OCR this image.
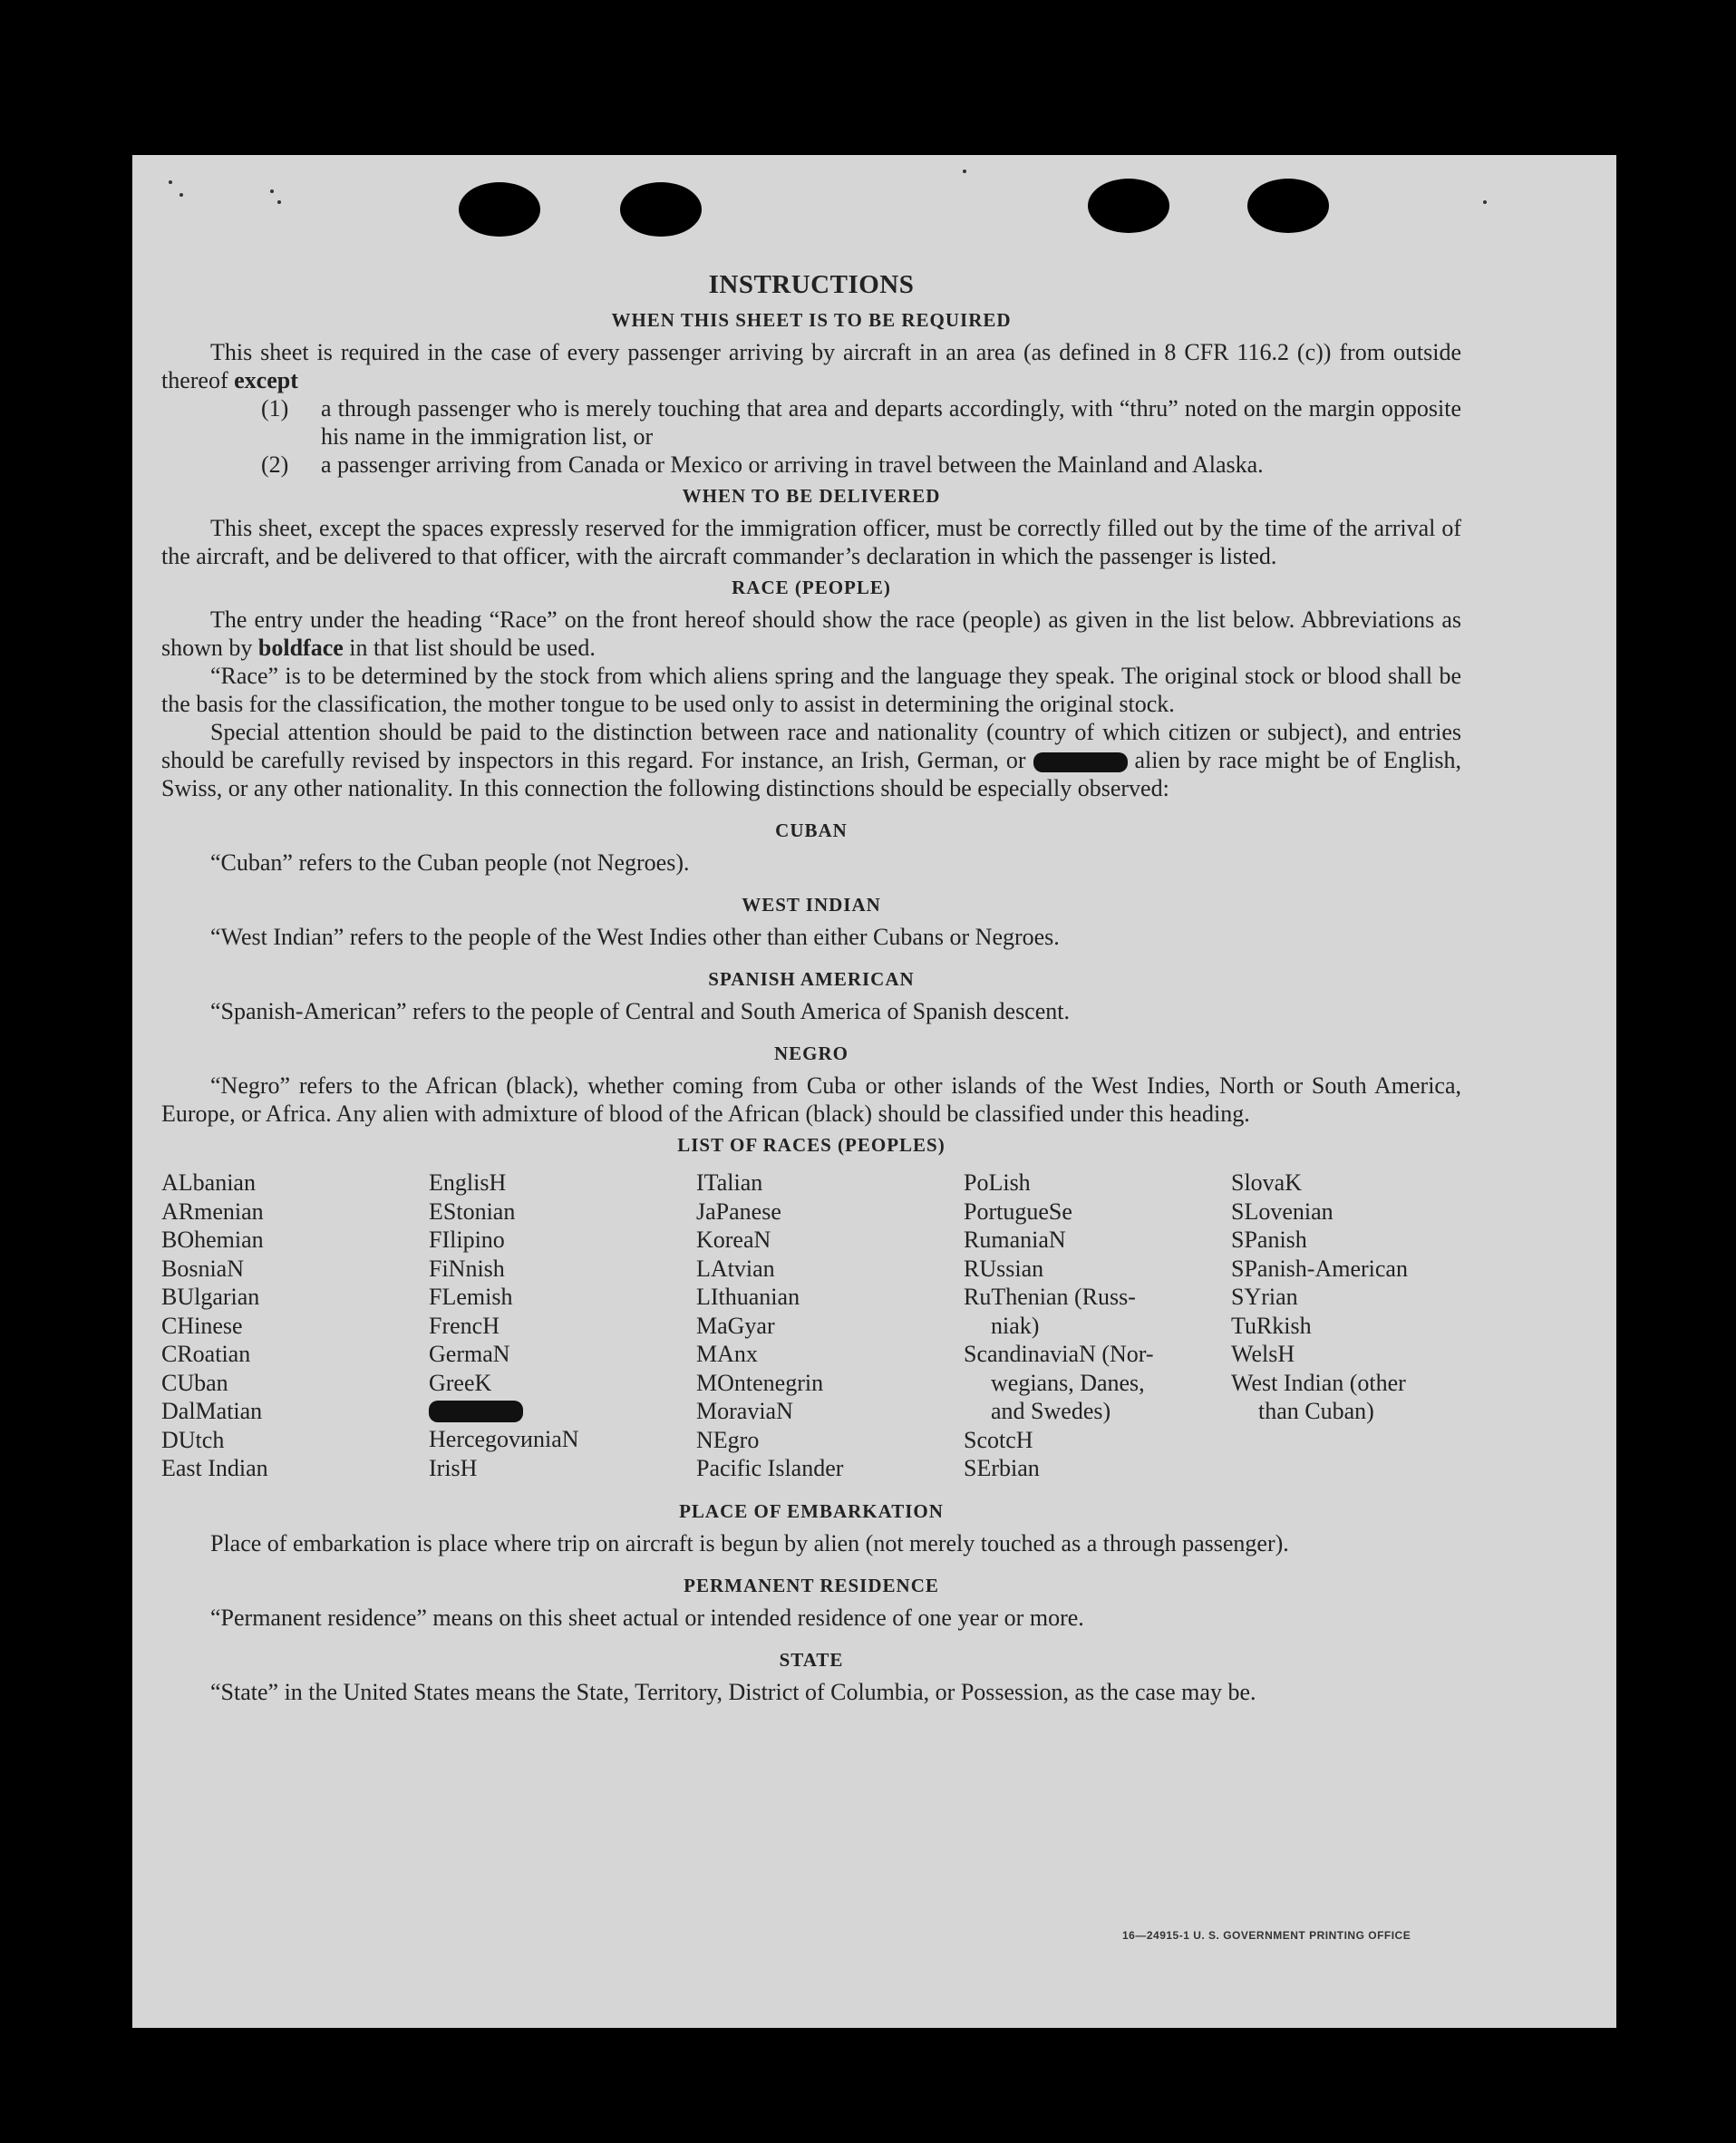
INSTRUCTIONS
WHEN THIS SHEET IS TO BE REQUIRED

This sheet is required in the case of every passenger arriving by aircraft in an area (as defined in 8 CFR 116.2 (c)) from outside thereof except

(1) a through passenger who is merely touching that area and departs accordingly, with “thru” noted on the margin opposite his name in the immigration list, or

(2) a passenger arriving from Canada or Mexico or arriving in travel between the Mainland and Alaska.

WHEN TO BE DELIVERED

This sheet, except the spaces expressly reserved for the immigration officer, must be correctly filled out by the time of the arrival of the aircraft, and be delivered to that officer, with the aircraft commander’s declaration in which the passenger is listed.

RACE (PEOPLE)

The entry under the heading “Race” on the front hereof should show the race (people) as given in the list below. Abbreviations as shown by boldface in that list should be used.

“Race” is to be determined by the stock from which aliens spring and the language they speak. The original stock or blood shall be the basis for the classification, the mother tongue to be used only to assist in determining the original stock.

Special attention should be paid to the distinction between race and nationality (country of which citizen or subject), and entries should be carefully revised by inspectors in this regard. For instance, an Irish, German, or	alien by race might be of English, Swiss, or any other nationality. In this connection the following distinctions should be especially observed:

CUBAN

“Cuban” refers to the Cuban people (not Negroes).

WEST INDIAN

“West Indian” refers to the people of the West Indies other than either Cubans or Negroes.

SPANISH AMERICAN

“Spanish-American” refers to the people of Central and South America of Spanish descent.

NEGRO

“Negro” refers to the African (black), whether coming from Cuba or other islands of the West Indies, North or South America, Europe, or Africa. Any alien with admixture of blood of the African (black) should be classified under this heading.

LIST OF RACES (PEOPLES)
ALbanian
ARmenian
BOhemian
BosniaN
BUlgarian
CHinese
CRoatian
CUban
DalMatian
DUtch
East Indian
EnglisH
EStonian
FIlipino
FiNnish
FLemish
FrencH
GermaN
GreeK
HercegovиniaN
IrisH
ITalian
JaPanese
KoreaN
LAtvian
LIthuanian
MaGyar
MAnx
MOntenegrin
MoraviaN
NEgro
Pacific Islander
PoLish
PortugueSe
RumaniaN
RUssian
RuThenian (Russ-
niak)
ScandinaviaN (Nor-
wegians, Danes,
and Swedes)
ScotcH
SErbian
SlovaK
SLovenian
SPanish
SPanish-American
SYrian
TuRkish
WelsH
West Indian (other
than Cuban)
PLACE OF EMBARKATION

Place of embarkation is place where trip on aircraft is begun by alien (not merely touched as a through passenger).

PERMANENT RESIDENCE

“Permanent residence” means on this sheet actual or intended residence of one year or more.

STATE

“State” in the United States means the State, Territory, District of Columbia, or Possession, as the case may be.

16—24915-1 U. S. GOVERNMENT PRINTING OFFICE
